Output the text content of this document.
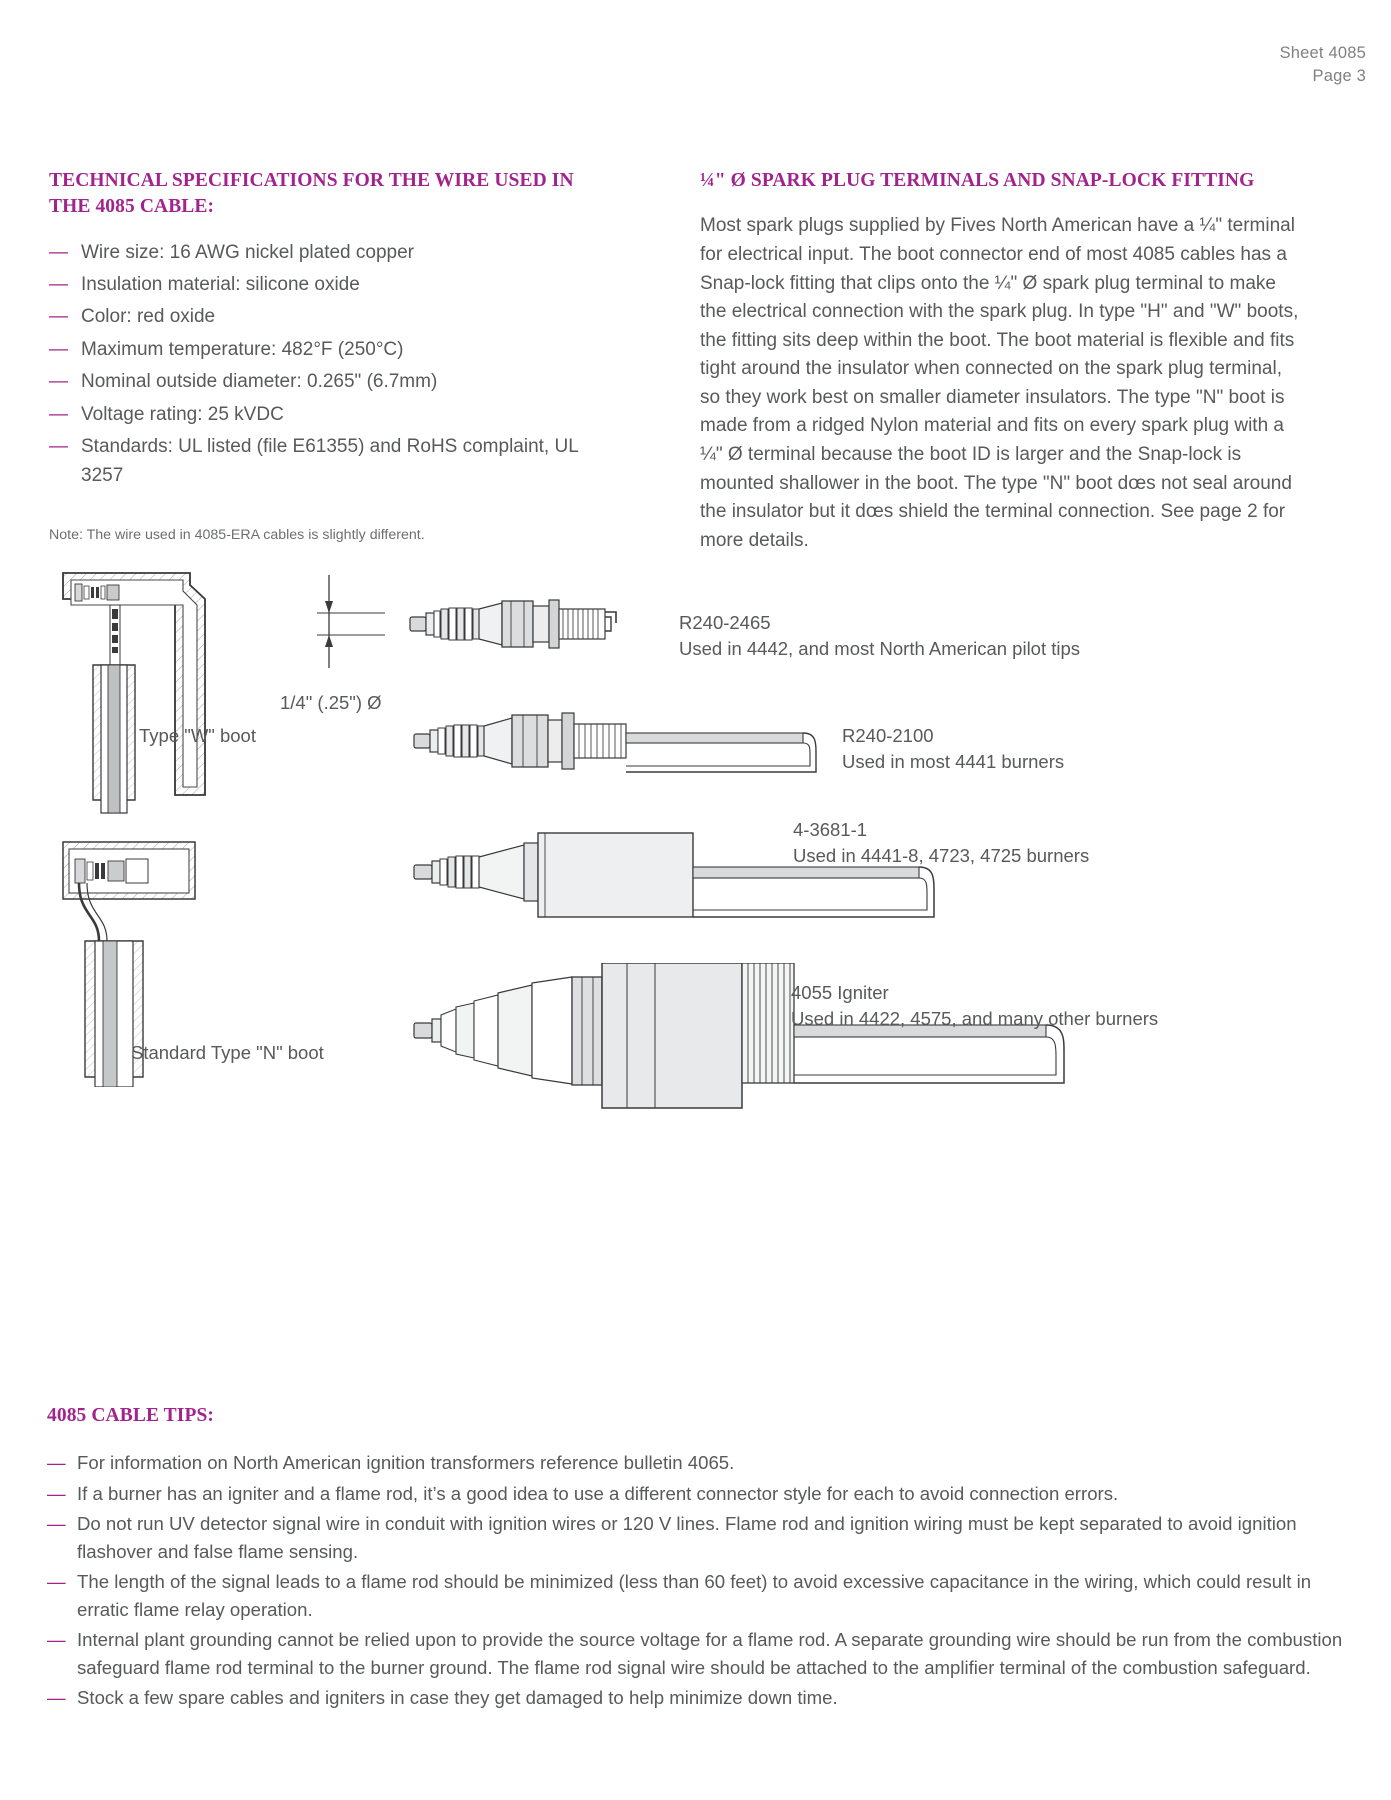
Sheet 4085
Page 3
TECHNICAL SPECIFICATIONS FOR THE WIRE USED IN THE 4085 CABLE:
— Wire size: 16 AWG nickel plated copper
— Insulation material: silicone oxide
— Color: red oxide
— Maximum temperature: 482°F (250°C)
— Nominal outside diameter: 0.265" (6.7mm)
— Voltage rating: 25 kVDC
— Standards: UL listed (file E61355) and RoHS complaint, UL 3257
Note: The wire used in 4085-ERA cables is slightly different.
¼" Ø SPARK PLUG TERMINALS AND SNAP-LOCK FITTING

Most spark plugs supplied by Fives North American have a ¼" terminal for electrical input. The boot connector end of most 4085 cables has a Snap-lock fitting that clips onto the ¼" Ø spark plug terminal to make the electrical connection with the spark plug. In type "H" and "W" boots, the fitting sits deep within the boot. The boot material is flexible and fits tight around the insulator when connected on the spark plug terminal, so they work best on smaller diameter insulators. The type "N" boot is made from a ridged Nylon material and fits on every spark plug with a ¼" Ø terminal because the boot ID is larger and the Snap-lock is mounted shallower in the boot. The type "N" boot dœs not seal around the insulator but it dœs shield the terminal connection. See page 2 for more details.

Type "W" boot
Standard Type "N" boot
1/4" (.25") Ø
R240-2465
Used in 4442, and most North American pilot tips
R240-2100
Used in most 4441 burners
4-3681-1
Used in 4441-8, 4723, 4725 burners
4055 Igniter
Used in 4422, 4575, and many other burners
4085 CABLE TIPS:
— For information on North American ignition transformers reference bulletin 4065.
— If a burner has an igniter and a flame rod, it’s a good idea to use a different connector style for each to avoid connection errors.
— Do not run UV detector signal wire in conduit with ignition wires or 120 V lines. Flame rod and ignition wiring must be kept separated to avoid ignition flashover and false flame sensing.
— The length of the signal leads to a flame rod should be minimized (less than 60 feet) to avoid excessive capacitance in the wiring, which could result in erratic flame relay operation.
— Internal plant grounding cannot be relied upon to provide the source voltage for a flame rod. A separate grounding wire should be run from the combustion safeguard flame rod terminal to the burner ground. The flame rod signal wire should be attached to the amplifier terminal of the combustion safeguard.
— Stock a few spare cables and igniters in case they get damaged to help minimize down time.
